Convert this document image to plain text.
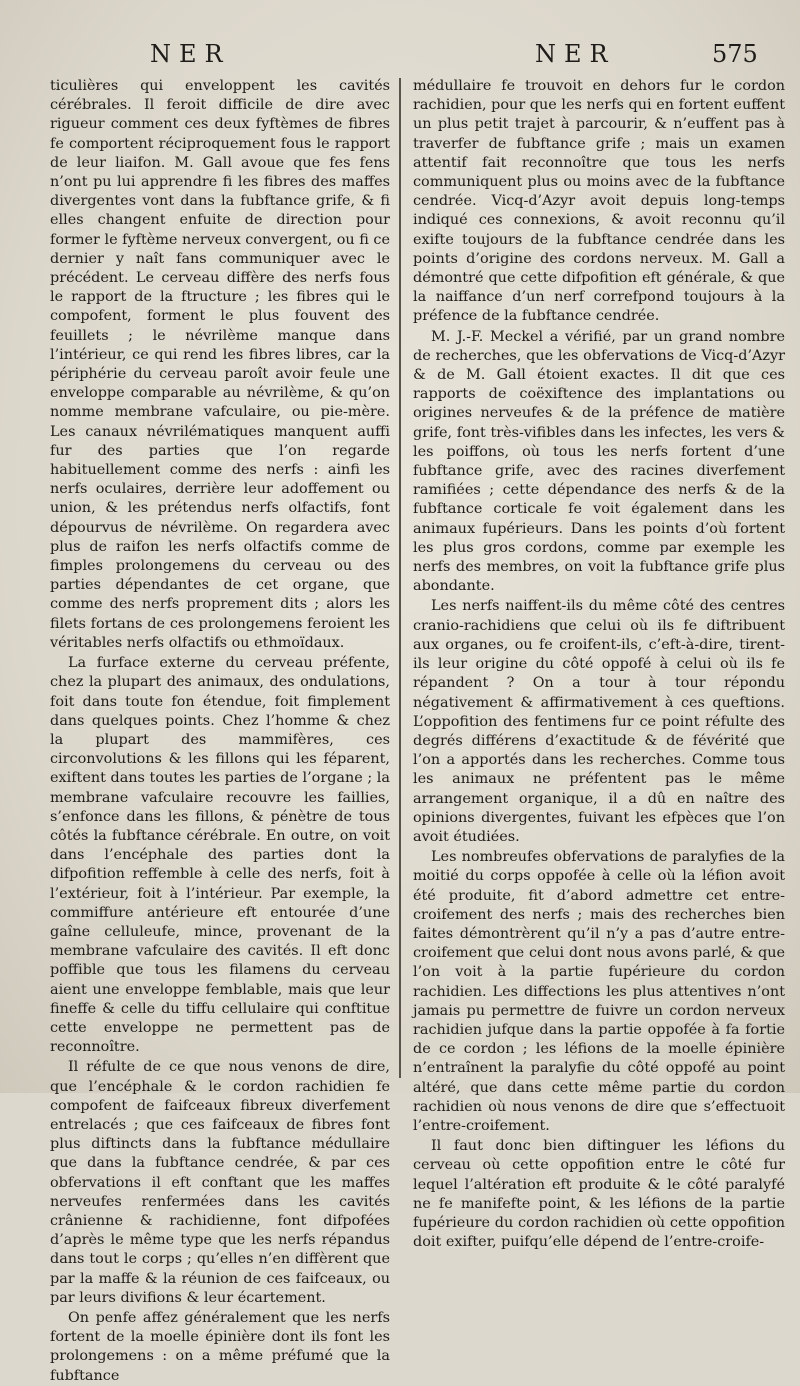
NER	NER	575

ticulières qui enveloppent les cavités cérébrales. Il feroit difficile de dire avec rigueur comment ces deux fyftèmes de fibres fe comportent réciproquement fous le rapport de leur liaifon. M. Gall avoue que fes fens n’ont pu lui apprendre fi les fibres des maffes divergentes vont dans la fubftance grife, & fi elles changent enfuite de direction pour former le fyftème nerveux convergent, ou fi ce dernier y naît fans communiquer avec le précédent. Le cerveau diffère des nerfs fous le rapport de la ftructure ; les fibres qui le compofent, forment le plus fouvent des feuillets ; le névrilème manque dans l’intérieur, ce qui rend les fibres libres, car la périphérie du cerveau paroît avoir feule une enveloppe comparable au névrilème, & qu’on nomme membrane vafculaire, ou pie-mère. Les canaux névrilématiques manquent auffi fur des parties que l’on regarde habituellement comme des nerfs : ainfi les nerfs oculaires, derrière leur adoffement ou union, & les prétendus nerfs olfactifs, font dépourvus de névrilème. On regardera avec plus de raifon les nerfs olfactifs comme de fimples prolongemens du cerveau ou des parties dépendantes de cet organe, que comme des nerfs proprement dits ; alors les filets fortans de ces prolongemens feroient les véritables nerfs olfactifs ou ethmoïdaux.

La furface externe du cerveau préfente, chez la plupart des animaux, des ondulations, foit dans toute fon étendue, foit fimplement dans quelques points. Chez l’homme & chez la plupart des mammifères, ces circonvolutions & les fillons qui les féparent, exiftent dans toutes les parties de l’organe ; la membrane vafculaire recouvre les faillies, s’enfonce dans les fillons, & pénètre de tous côtés la fubftance cérébrale. En outre, on voit dans l’encéphale des parties dont la difpofition reffemble à celle des nerfs, foit à l’extérieur, foit à l’intérieur. Par exemple, la commiffure antérieure eft entourée d’une gaîne celluleufe, mince, provenant de la membrane vafculaire des cavités. Il eft donc poffible que tous les filamens du cerveau aient une enveloppe femblable, mais que leur fineffe & celle du tiffu cellulaire qui conftitue cette enveloppe ne permettent pas de reconnoître.

Il réfulte de ce que nous venons de dire, que l’encéphale & le cordon rachidien fe compofent de faifceaux fibreux diverfement entrelacés ; que ces faifceaux de fibres font plus diftincts dans la fubftance médullaire que dans la fubftance cendrée, & par ces obfervations il eft conftant que les maffes nerveufes renfermées dans les cavités crânienne & rachidienne, font difpofées d’après le même type que les nerfs répandus dans tout le corps ; qu’elles n’en diffèrent que par la maffe & la réunion de ces faifceaux, ou par leurs divifions & leur écartement.

On penfe affez généralement que les nerfs fortent de la moelle épinière dont ils font les prolongemens : on a même préfumé que la fubftance

médullaire fe trouvoit en dehors fur le cordon rachidien, pour que les nerfs qui en fortent euffent un plus petit trajet à parcourir, & n’euffent pas à traverfer de fubftance grife ; mais un examen attentif fait reconnoître que tous les nerfs communiquent plus ou moins avec de la fubftance cendrée. Vicq-d’Azyr avoit depuis long-temps indiqué ces connexions, & avoit reconnu qu’il exifte toujours de la fubftance cendrée dans les points d’origine des cordons nerveux. M. Gall a démontré que cette difpofition eft générale, & que la naiffance d’un nerf correfpond toujours à la préfence de la fubftance cendrée.

M. J.-F. Meckel a vérifié, par un grand nombre de recherches, que les obfervations de Vicq-d’Azyr & de M. Gall étoient exactes. Il dit que ces rapports de coëxiftence des implantations ou origines nerveufes & de la préfence de matière grife, font très-vifibles dans les infectes, les vers & les poiffons, où tous les nerfs fortent d’une fubftance grife, avec des racines diverfement ramifiées ; cette dépendance des nerfs & de la fubftance corticale fe voit également dans les animaux fupérieurs. Dans les points d’où fortent les plus gros cordons, comme par exemple les nerfs des membres, on voit la fubftance grife plus abondante.

Les nerfs naiffent-ils du même côté des centres cranio-rachidiens que celui où ils fe diftribuent aux organes, ou fe croifent-ils, c’eft-à-dire, tirent-ils leur origine du côté oppofé à celui où ils fe répandent ? On a tour à tour répondu négativement & affirmativement à ces queftions. L’oppofition des fentimens fur ce point réfulte des degrés différens d’exactitude & de févérité que l’on a apportés dans les recherches. Comme tous les animaux ne préfentent pas le même arrangement organique, il a dû en naître des opinions divergentes, fuivant les efpèces que l’on avoit étudiées.

Les nombreufes obfervations de paralyfies de la moitié du corps oppofée à celle où la léfion avoit été produite, fit d’abord admettre cet entre-croifement des nerfs ; mais des recherches bien faites démontrèrent qu’il n’y a pas d’autre entre-croifement que celui dont nous avons parlé, & que l’on voit à la partie fupérieure du cordon rachidien. Les diffections les plus attentives n’ont jamais pu permettre de fuivre un cordon nerveux rachidien jufque dans la partie oppofée à fa fortie de ce cordon ; les léfions de la moelle épinière n’entraînent la paralyfie du côté oppofé au point altéré, que dans cette même partie du cordon rachidien où nous venons de dire que s’effectuoit l’entre-croifement.

Il faut donc bien diftinguer les léfions du cerveau où cette oppofition entre le côté fur lequel l’altération eft produite & le côté paralyfé ne fe manifefte point, & les léfions de la partie fupérieure du cordon rachidien où cette oppofition doit exifter, puifqu’elle dépend de l’entre-croife-
